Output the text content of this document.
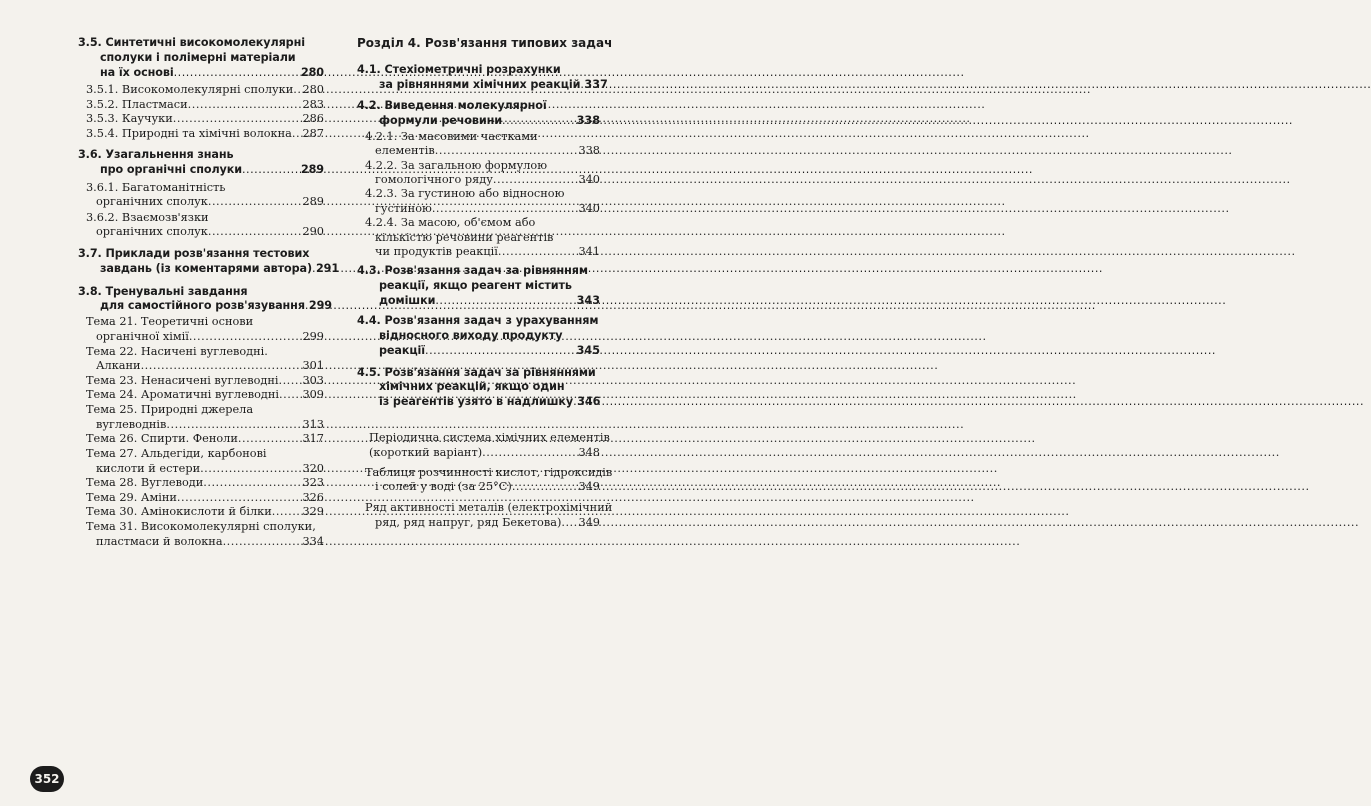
3.5. Синтетичні високомолекулярні
сполуки і полімерні матеріали
на їх основі .....	280
3.5.1. Високомолекулярні сполуки ..... 280
3.5.2. Пластмаси .....	283
3.5.3. Каучуки .....	286
3.5.4. Природні та хімічні волокна ..... 287
3.6. Узагальнення знань
про органічні сполуки .....	289
3.6.1. Багатоманітність
органічних сполук .....	289
3.6.2. Взаємозв'язки
органічних сполук .....	290
3.7. Приклади розв'язання тестових
завдань (із коментарями автора) ..... 291
3.8. Тренувальні завдання
для самостійного розв'язування ..... 299
Тема 21. Теоретичні основи
органічної хімії .....	299
Тема 22. Насичені вуглеводні.
Алкани .....	301
Тема 23. Ненасичені вуглеводні ..... 303
Тема 24. Ароматичні вуглеводні ..... 309
Тема 25. Природні джерела
вуглеводнів .....	313
Тема 26. Спирти. Феноли .....	317
Тема 27. Альдегіди, карбонові
кислоти й естери .....	320
Тема 28. Вуглеводи .....	323
Тема 29. Аміни .....	326
Тема 30. Амінокислоти й білки .....	329
Тема 31. Високомолекулярні сполуки,
пластмаси й волокна .....	334
Розділ 4. Розв'язання типових задач
4.1. Стехіометричні розрахунки
за рівняннями хімічних реакцій ..... 337
4.2. Виведення молекулярної
формули речовини .....	338
4.2.1. За масовими частками
елементів .....	338
4.2.2. За загальною формулою
гомологічного ряду .....	340
4.2.3. За густиною або відносною
густиною .....	340
4.2.4. За масою, об'ємом або
кількістю речовини реагентів
чи продуктів реакції .....	341
4.3. Розв'язання задач за рівнянням
реакції, якщо реагент містить
домішки .....	343
4.4. Розв'язання задач з урахуванням
відносного виходу продукту
реакції .....	345
4.5. Розв'язання задач за рівняннями
хімічних реакцій, якщо один
із реагентів узято в надлишку ..... 346
Періодична система хімічних елементів
(короткий варіант) .....	348
Таблиця розчинності кислот, гідроксидів
і солей у воді (за 25°С) .....	349
Ряд активності металів (електрохімічний
ряд, ряд напруг, ряд Бекетова) ..... 349
352
